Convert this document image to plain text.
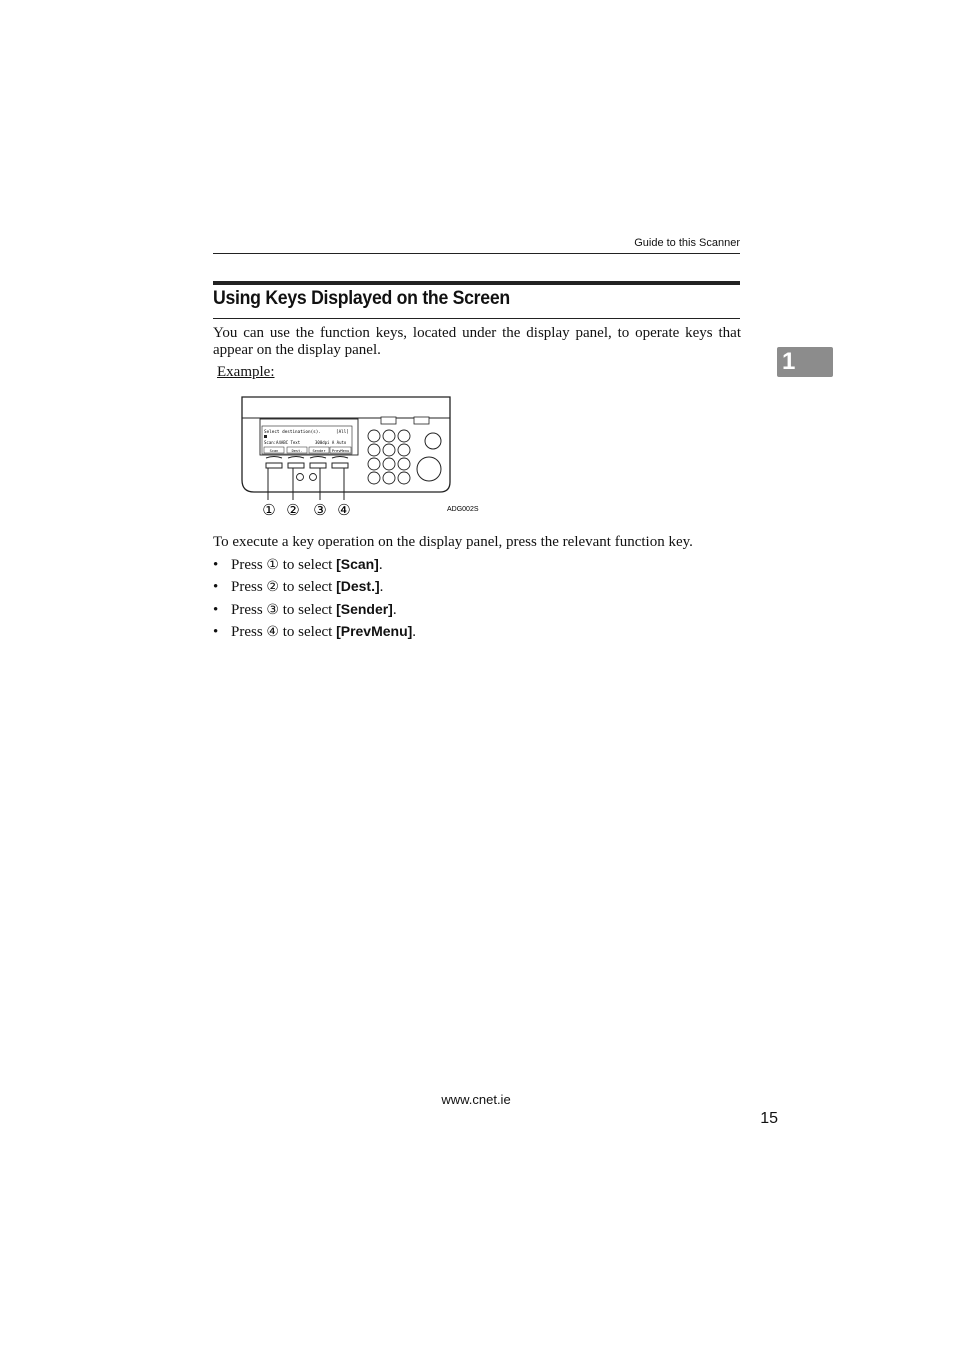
Guide to this Scanner
1
Using Keys Displayed on the Screen
You can use the function keys, located under the display panel, to operate keys that appear on the display panel.
Example:
Select destination(s).	[All]
Scan:A4ABC Text	300dpi A Auto
Scan	Dest.	Sender PrevMenu
① ② ③ ④	ADG002S
To execute a key operation on the display panel, press the relevant function key.
• Press ① to select [Scan].
• Press ② to select [Dest.].
• Press ③ to select [Sender].
• Press ④ to select [PrevMenu].
www.cnet.ie
15
